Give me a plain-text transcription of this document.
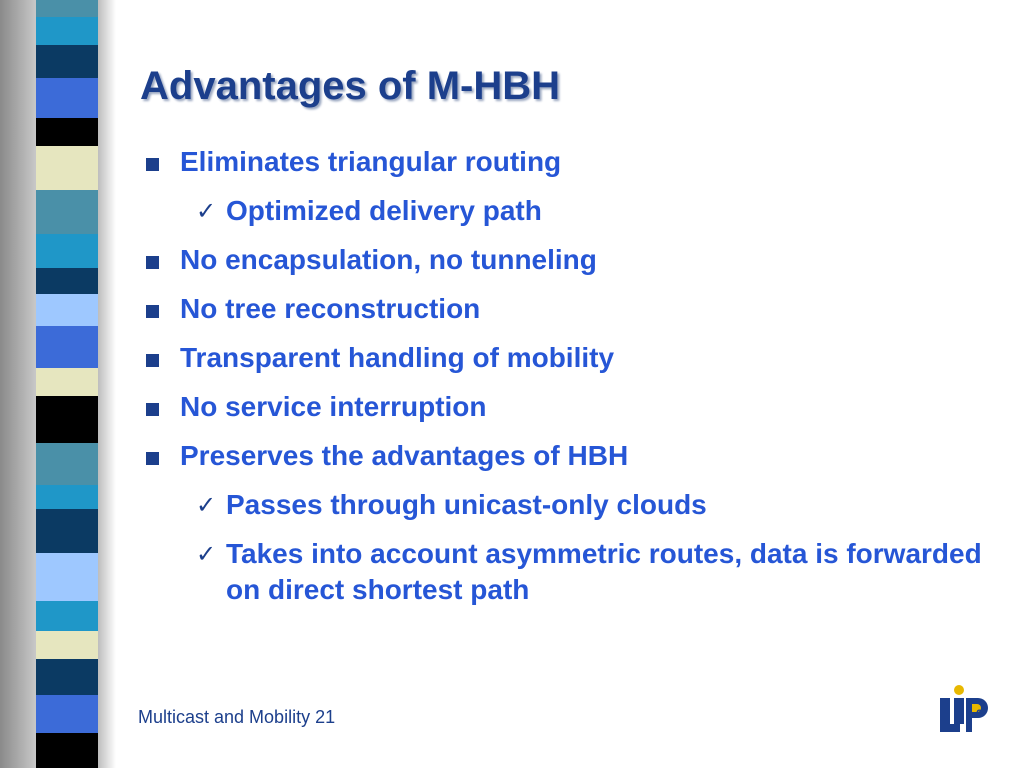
Advantages of M-HBH
Eliminates triangular routing
✓ Optimized delivery path
No encapsulation, no tunneling
No tree reconstruction
Transparent handling of mobility
No service interruption
Preserves the advantages of HBH
✓ Passes through unicast-only clouds
✓ Takes into account asymmetric routes, data is forwarded on direct shortest path
Multicast and Mobility 21	6
